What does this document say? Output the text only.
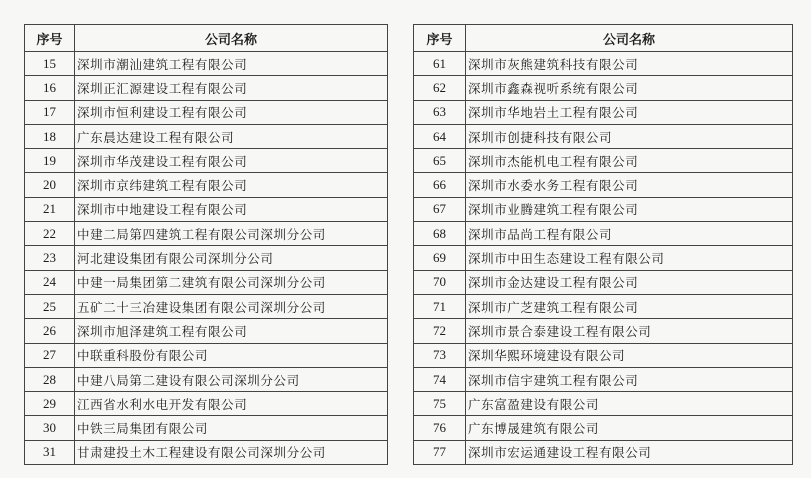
序号	公司名称
15	深圳市潮汕建筑工程有限公司
16	深圳正汇源建设工程有限公司
17	深圳市恒利建设工程有限公司
18	广东晨达建设工程有限公司
19	深圳市华茂建设工程有限公司
20	深圳市京纬建筑工程有限公司
21	深圳市中地建设工程有限公司
22	中建二局第四建筑工程有限公司深圳分公司
23	河北建设集团有限公司深圳分公司
24	中建一局集团第二建筑有限公司深圳分公司
25	五矿二十三冶建设集团有限公司深圳分公司
26	深圳市旭泽建筑工程有限公司
27	中联重科股份有限公司
28	中建八局第二建设有限公司深圳分公司
29	江西省水利水电开发有限公司
30	中铁三局集团有限公司
31	甘肃建投土木工程建设有限公司深圳分公司
序号	公司名称
61	深圳市灰熊建筑科技有限公司
62	深圳市鑫森视听系统有限公司
63	深圳市华地岩土工程有限公司
64	深圳市创捷科技有限公司
65	深圳市杰能机电工程有限公司
66	深圳市水委水务工程有限公司
67	深圳市业腾建筑工程有限公司
68	深圳市品尚工程有限公司
69	深圳市中田生态建设工程有限公司
70	深圳市金达建设工程有限公司
71	深圳市广芝建筑工程有限公司
72	深圳市景合泰建设工程有限公司
73	深圳华熙环境建设有限公司
74	深圳市信宇建筑工程有限公司
75	广东富盈建设有限公司
76	广东博晟建筑有限公司
77	深圳市宏运通建设工程有限公司
